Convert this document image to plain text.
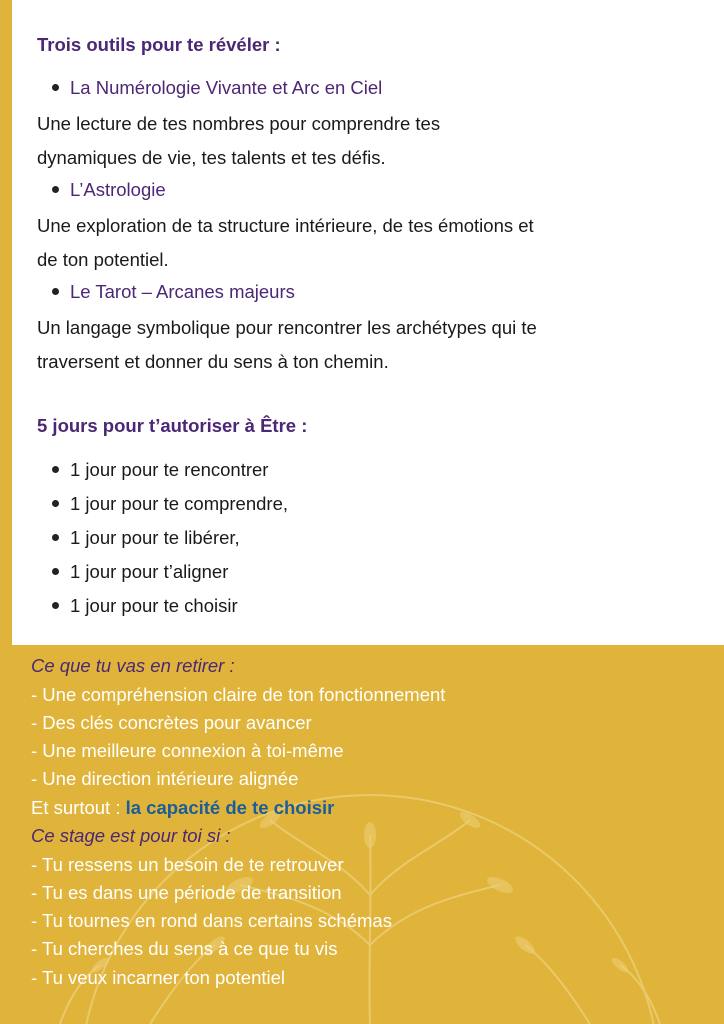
Trois outils pour te révéler :
La Numérologie Vivante et Arc en Ciel
Une lecture de tes nombres pour comprendre tes
dynamiques de vie, tes talents et tes défis.
L’Astrologie
Une exploration de ta structure intérieure, de tes émotions et
de ton potentiel.
Le Tarot – Arcanes majeurs
Un langage symbolique pour rencontrer les archétypes qui te
traversent et donner du sens à ton chemin.
5 jours pour t’autoriser à Être :
1 jour pour te rencontrer
1 jour pour te comprendre,
1 jour pour te libérer,
1 jour pour t’aligner
1 jour pour te choisir
Ce que tu vas en retirer :
- Une compréhension claire de ton fonctionnement
- Des clés concrètes pour avancer
- Une meilleure connexion à toi-même
- Une direction intérieure alignée
Et surtout : la capacité de te choisir
Ce stage est pour toi si :
- Tu ressens un besoin de te retrouver
- Tu es dans une période de transition
- Tu tournes en rond dans certains schémas
- Tu cherches du sens à ce que tu vis
- Tu veux incarner ton potentiel
